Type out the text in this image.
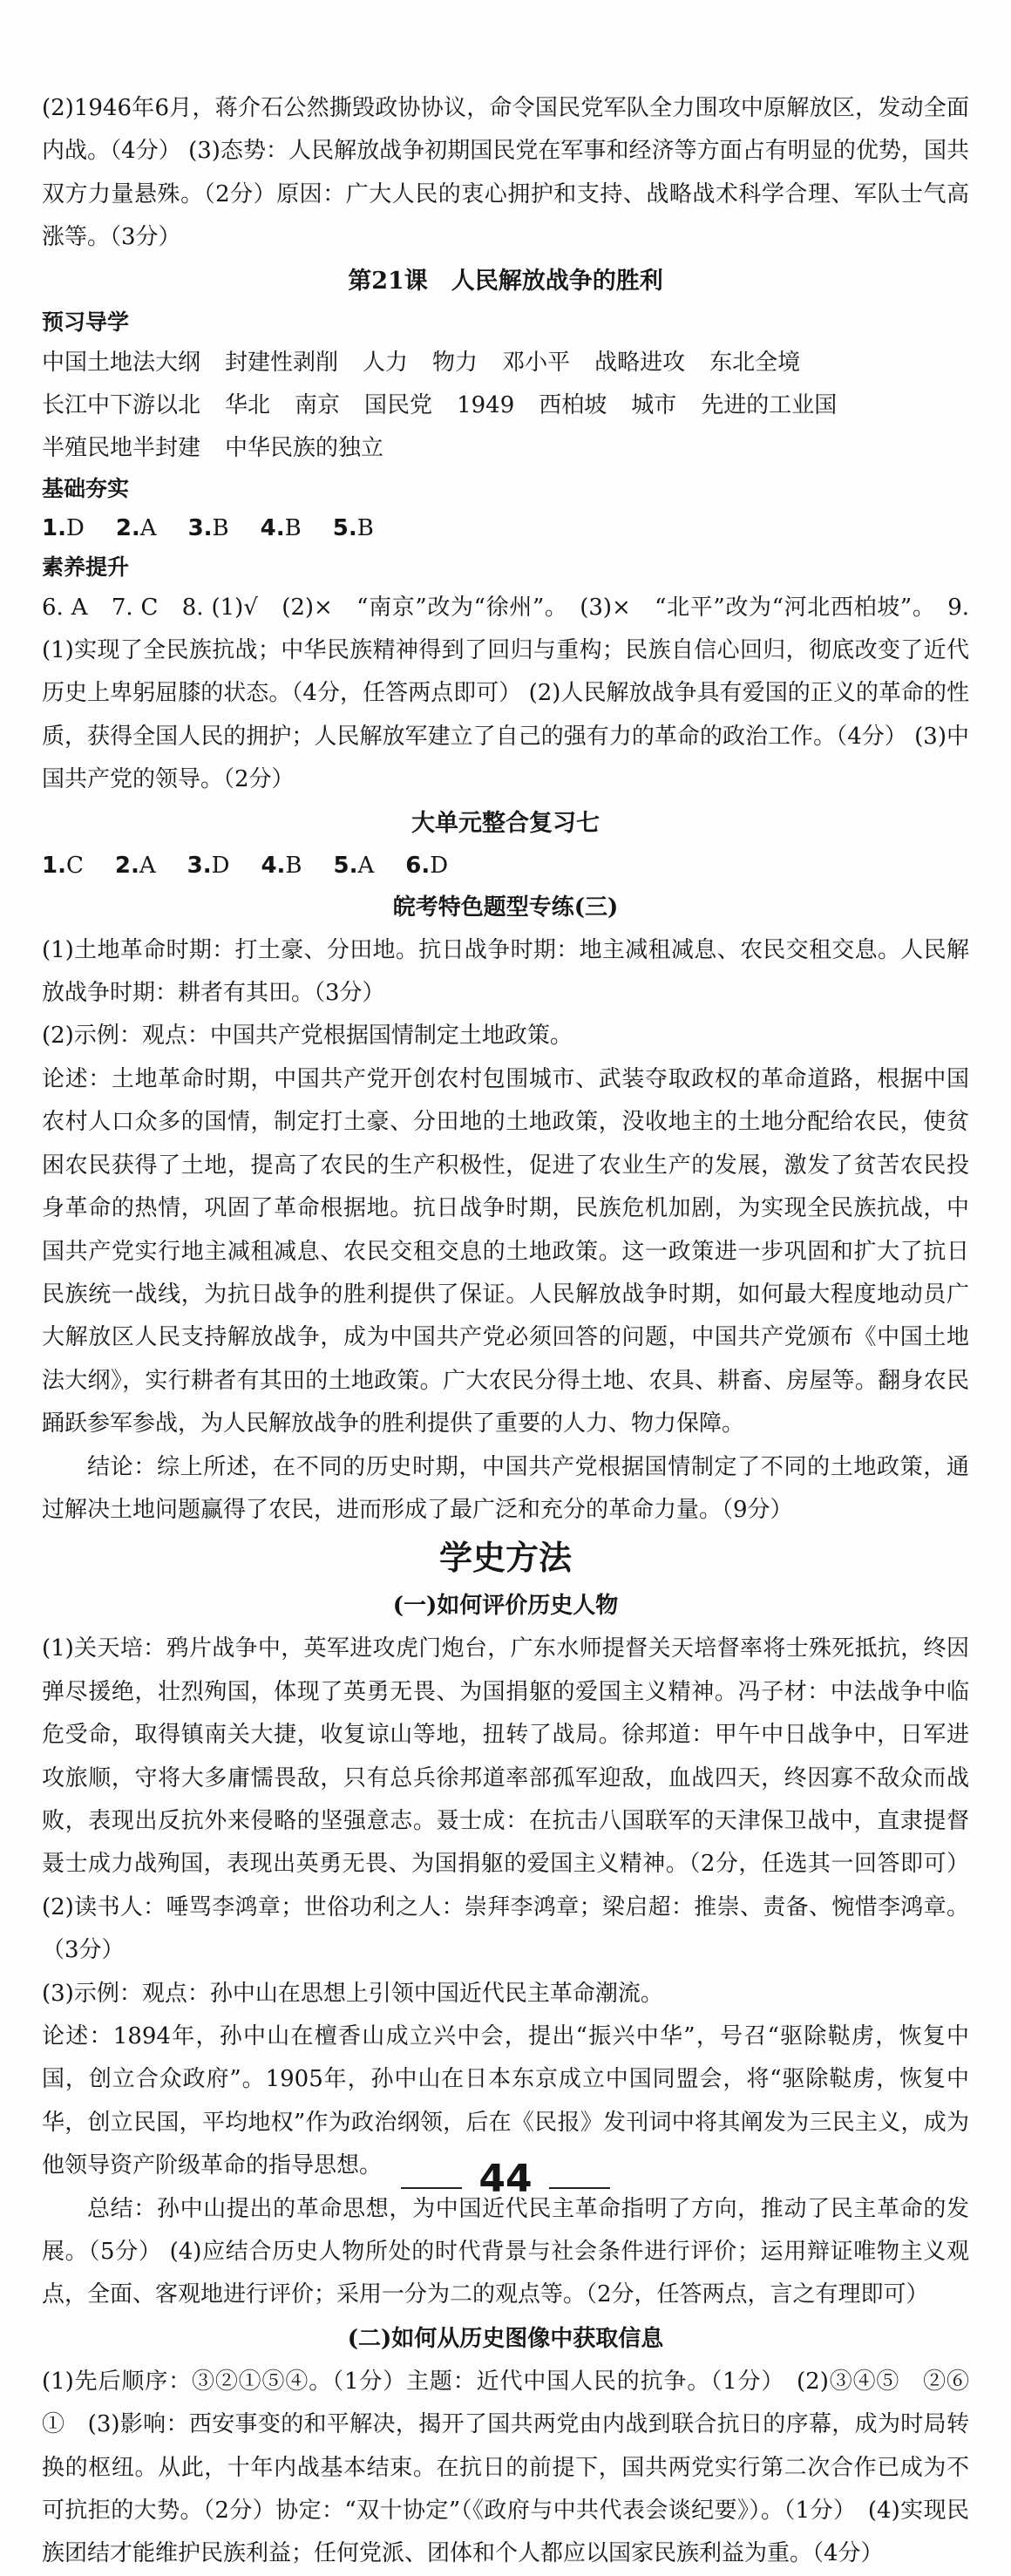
(2)1946年6月，蒋介石公然撕毁政协协议，命令国民党军队全力围攻中原解放区，发动全面内战。（4分） (3)态势：人民解放战争初期国民党在军事和经济等方面占有明显的优势，国共双方力量悬殊。（2分）原因：广大人民的衷心拥护和支持、战略战术科学合理、军队士气高涨等。（3分）

第21课　人民解放战争的胜利
预习导学
中国土地法大纲 封建性剥削 人力 物力 邓小平 战略进攻 东北全境
长江中下游以北 华北 南京 国民党 1949 西柏坡 城市 先进的工业国
半殖民地半封建 中华民族的独立
基础夯实
1.D 2.A 3.B 4.B 5.B
素养提升

6. A　7. C　8. (1)√　(2)×　“南京”改为“徐州”。　(3)×　“北平”改为“河北西柏坡”。　9. (1)实现了全民族抗战；中华民族精神得到了回归与重构；民族自信心回归，彻底改变了近代历史上卑躬屈膝的状态。（4分，任答两点即可） (2)人民解放战争具有爱国的正义的革命的性质，获得全国人民的拥护；人民解放军建立了自己的强有力的革命的政治工作。（4分） (3)中国共产党的领导。（2分）

大单元整合复习七
1.C 2.A 3.D 4.B 5.A 6.D
皖考特色题型专练(三)

(1)土地革命时期：打土豪、分田地。抗日战争时期：地主减租减息、农民交租交息。人民解放战争时期：耕者有其田。（3分）

(2)示例：观点：中国共产党根据国情制定土地政策。

论述：土地革命时期，中国共产党开创农村包围城市、武装夺取政权的革命道路，根据中国农村人口众多的国情，制定打土豪、分田地的土地政策，没收地主的土地分配给农民，使贫困农民获得了土地，提高了农民的生产积极性，促进了农业生产的发展，激发了贫苦农民投身革命的热情，巩固了革命根据地。抗日战争时期，民族危机加剧，为实现全民族抗战，中国共产党实行地主减租减息、农民交租交息的土地政策。这一政策进一步巩固和扩大了抗日民族统一战线，为抗日战争的胜利提供了保证。人民解放战争时期，如何最大程度地动员广大解放区人民支持解放战争，成为中国共产党必须回答的问题，中国共产党颁布《中国土地法大纲》，实行耕者有其田的土地政策。广大农民分得土地、农具、耕畜、房屋等。翻身农民踊跃参军参战，为人民解放战争的胜利提供了重要的人力、物力保障。

结论：综上所述，在不同的历史时期，中国共产党根据国情制定了不同的土地政策，通过解决土地问题赢得了农民，进而形成了最广泛和充分的革命力量。（9分）

学史方法
(一)如何评价历史人物

(1)关天培：鸦片战争中，英军进攻虎门炮台，广东水师提督关天培督率将士殊死抵抗，终因弹尽援绝，壮烈殉国，体现了英勇无畏、为国捐躯的爱国主义精神。冯子材：中法战争中临危受命，取得镇南关大捷，收复谅山等地，扭转了战局。徐邦道：甲午中日战争中，日军进攻旅顺，守将大多庸懦畏敌，只有总兵徐邦道率部孤军迎敌，血战四天，终因寡不敌众而战败，表现出反抗外来侵略的坚强意志。聂士成：在抗击八国联军的天津保卫战中，直隶提督聂士成力战殉国，表现出英勇无畏、为国捐躯的爱国主义精神。（2分，任选其一回答即可） (2)读书人：唾骂李鸿章；世俗功利之人：崇拜李鸿章；梁启超：推崇、责备、惋惜李鸿章。（3分）

(3)示例：观点：孙中山在思想上引领中国近代民主革命潮流。

论述：1894年，孙中山在檀香山成立兴中会，提出“振兴中华”，号召“驱除鞑虏，恢复中国，创立合众政府”。1905年，孙中山在日本东京成立中国同盟会，将“驱除鞑虏，恢复中华，创立民国，平均地权”作为政治纲领，后在《民报》发刊词中将其阐发为三民主义，成为他领导资产阶级革命的指导思想。

总结：孙中山提出的革命思想，为中国近代民主革命指明了方向，推动了民主革命的发展。（5分） (4)应结合历史人物所处的时代背景与社会条件进行评价；运用辩证唯物主义观点，全面、客观地进行评价；采用一分为二的观点等。（2分，任答两点，言之有理即可）

(二)如何从历史图像中获取信息

(1)先后顺序：③②①⑤④。（1分）主题：近代中国人民的抗争。（1分）　(2)③④⑤　②⑥　①　(3)影响：西安事变的和平解决，揭开了国共两党由内战到联合抗日的序幕，成为时局转换的枢纽。从此，十年内战基本结束。在抗日的前提下，国共两党实行第二次合作已成为不可抗拒的大势。（2分）协定：“双十协定”（《政府与中共代表会谈纪要》）。（1分）　(4)实现民族团结才能维护民族利益；任何党派、团体和个人都应以国家民族利益为重。（4分）

44
